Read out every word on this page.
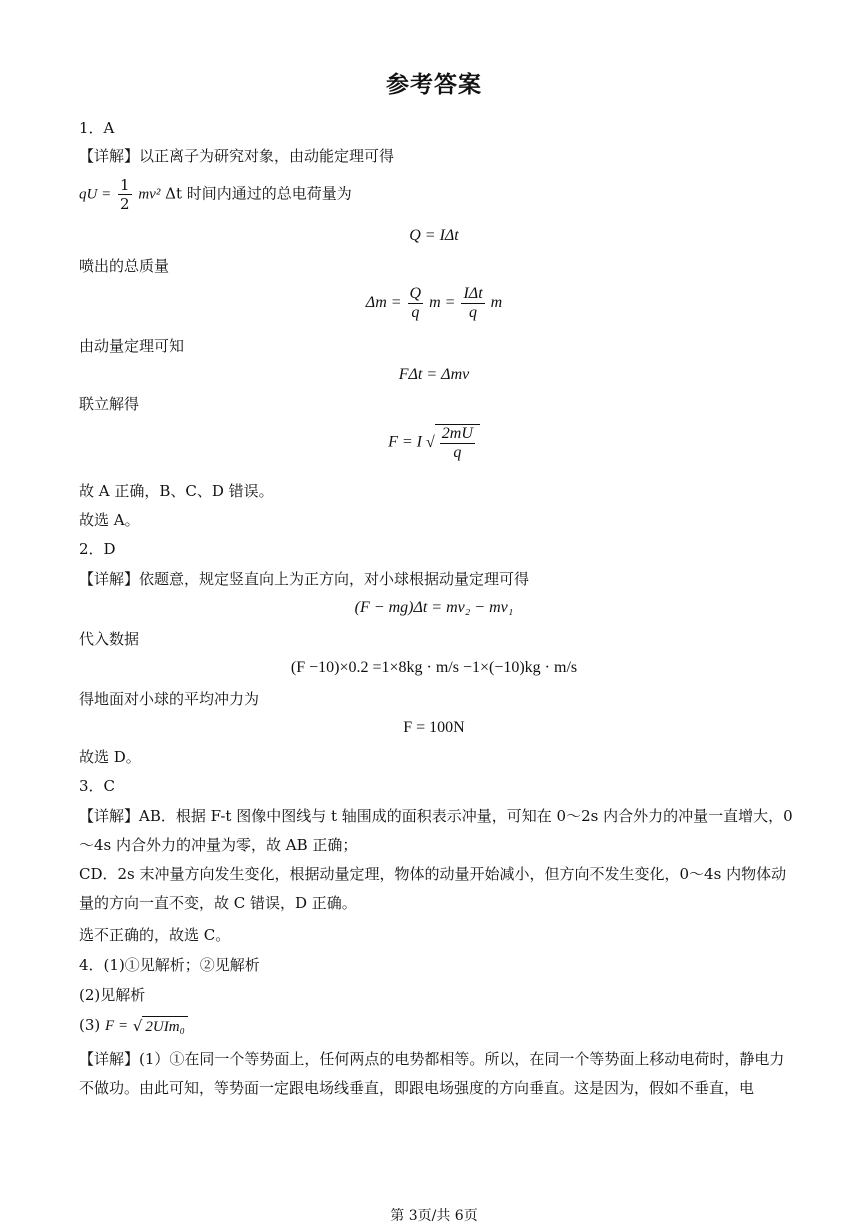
参考答案
1．A
【详解】以正离子为研究对象，由动能定理可得
qU = $\frac{1}{2} mv^2$ Δt 时间内通过的总电荷量为
Q = IΔt
喷出的总质量
$\Delta m = \frac{Q}{q}$ $m = \frac{\text{IΔt}}{q}$ m
由动量定理可知
FΔt = Δmv
联立解得
F = I √ $\frac{2mU}{q}$
故 A 正确，B、C、D 错误。
故选 A。
2．D
【详解】依题意，规定竖直向上为正方向，对小球根据动量定理可得
(F − mg)Δt = mv₂ − mv₁
代入数据
(F −10)×0.2 =1×8kg · m/s −1×(−10)kg · m/s
得地面对小球的平均冲力为
F = 100N
故选 D。
3．C
【详解】AB．根据 F-t 图像中图线与 t 轴围成的面积表示冲量，可知在 0～2s 内合外力的冲量一直增大，0～4s 内合外力的冲量为零，故 AB 正确；
CD．2s 末冲量方向发生变化，根据动量定理，物体的动量开始减小，但方向不发生变化，0～4s 内物体动量的方向一直不变，故 C 错误，D 正确。
选不正确的，故选 C。
4．(1)①见解析；②见解析
(2)见解析
(3) F = √ 2UIm₀
【详解】(1）①在同一个等势面上，任何两点的电势都相等。所以，在同一个等势面上移动电荷时，静电力不做功。由此可知，等势面一定跟电场线垂直，即跟电场强度的方向垂直。这是因为，假如不垂直，电
第 3页/共 6页
